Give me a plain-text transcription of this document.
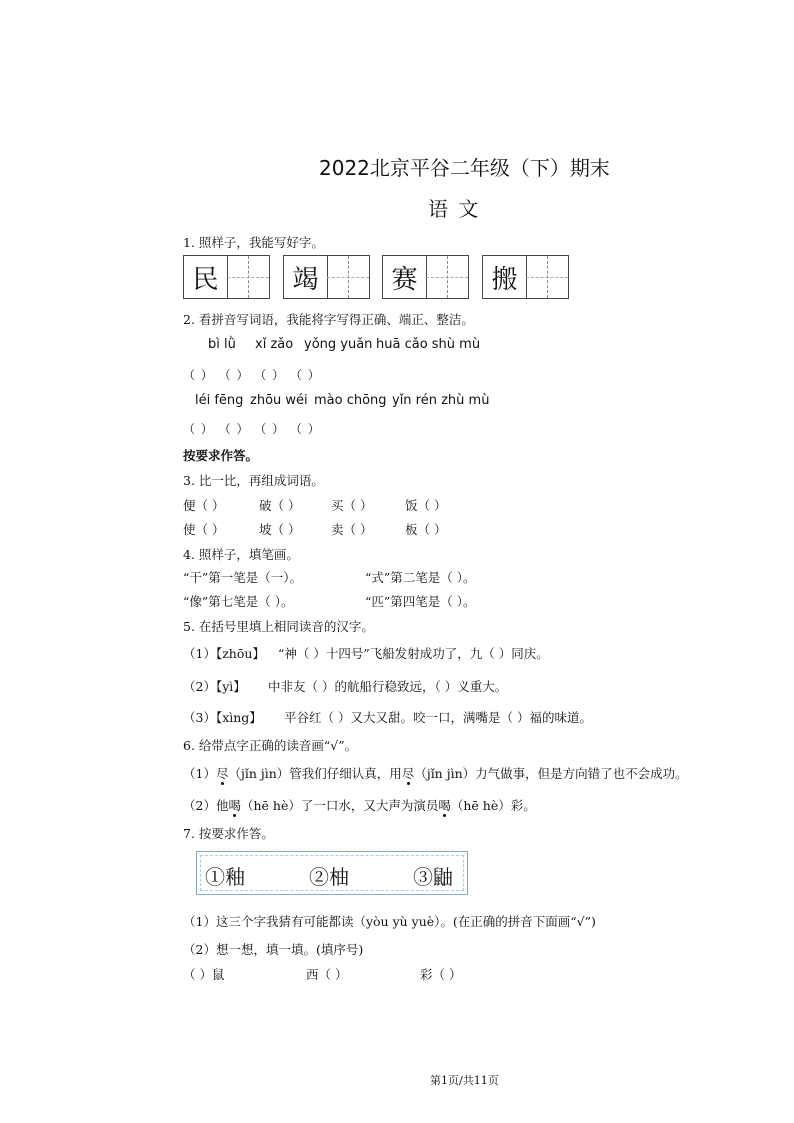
2022北京平谷二年级（下）期末
语 文
1. 照样子，我能写好字。
民	竭	赛	搬
2. 看拼音写词语，我能将字写得正确、端正、整洁。
bì lǜ xǐ zǎo yǒng yuǎn huā cǎo shù mù
（ ） （ ） （ ） （ ）
léi fēng zhōu wéi mào chōng yǐn rén zhù mù
（ ） （ ） （ ） （ ）
按要求作答。
3. 比一比，再组成词语。
便（ ）	破（ ） 买（ ）	饭（ ）
使（ ）	坡（ ） 卖（ ）	板（ ）
4. 照样子，填笔画。
“干”第一笔是（一）。	“式”第二笔是（ ）。
“像”第七笔是（ ）。	“匹”第四笔是（ ）。
5. 在括号里填上相同读音的汉字。
（1）【zhōu】 “神（ ）十四号”飞船发射成功了，九（ ）同庆。
（2）【yì】 中非友（ ）的航船行稳致远，（ ）义重大。
（3）【xìng】 平谷红（ ）又大又甜。咬一口，满嘴是（ ）福的味道。
6. 给带点字正确的读音画“√”。
（1）尽（jǐn jìn）管我们仔细认真，用尽（jǐn jìn）力气做事，但是方向错了也不会成功。
（2）他喝（hē hè）了一口水，又大声为演员喝（hē hè）彩。
7. 按要求作答。
①釉	②柚	③鼬
（1）这三个字我猜有可能都读（yòu yù yuè）。(在正确的拼音下面画“√”)
（2）想一想，填一填。(填序号)
（ ）鼠	西（ ）	彩（ ）
第1页/共11页
